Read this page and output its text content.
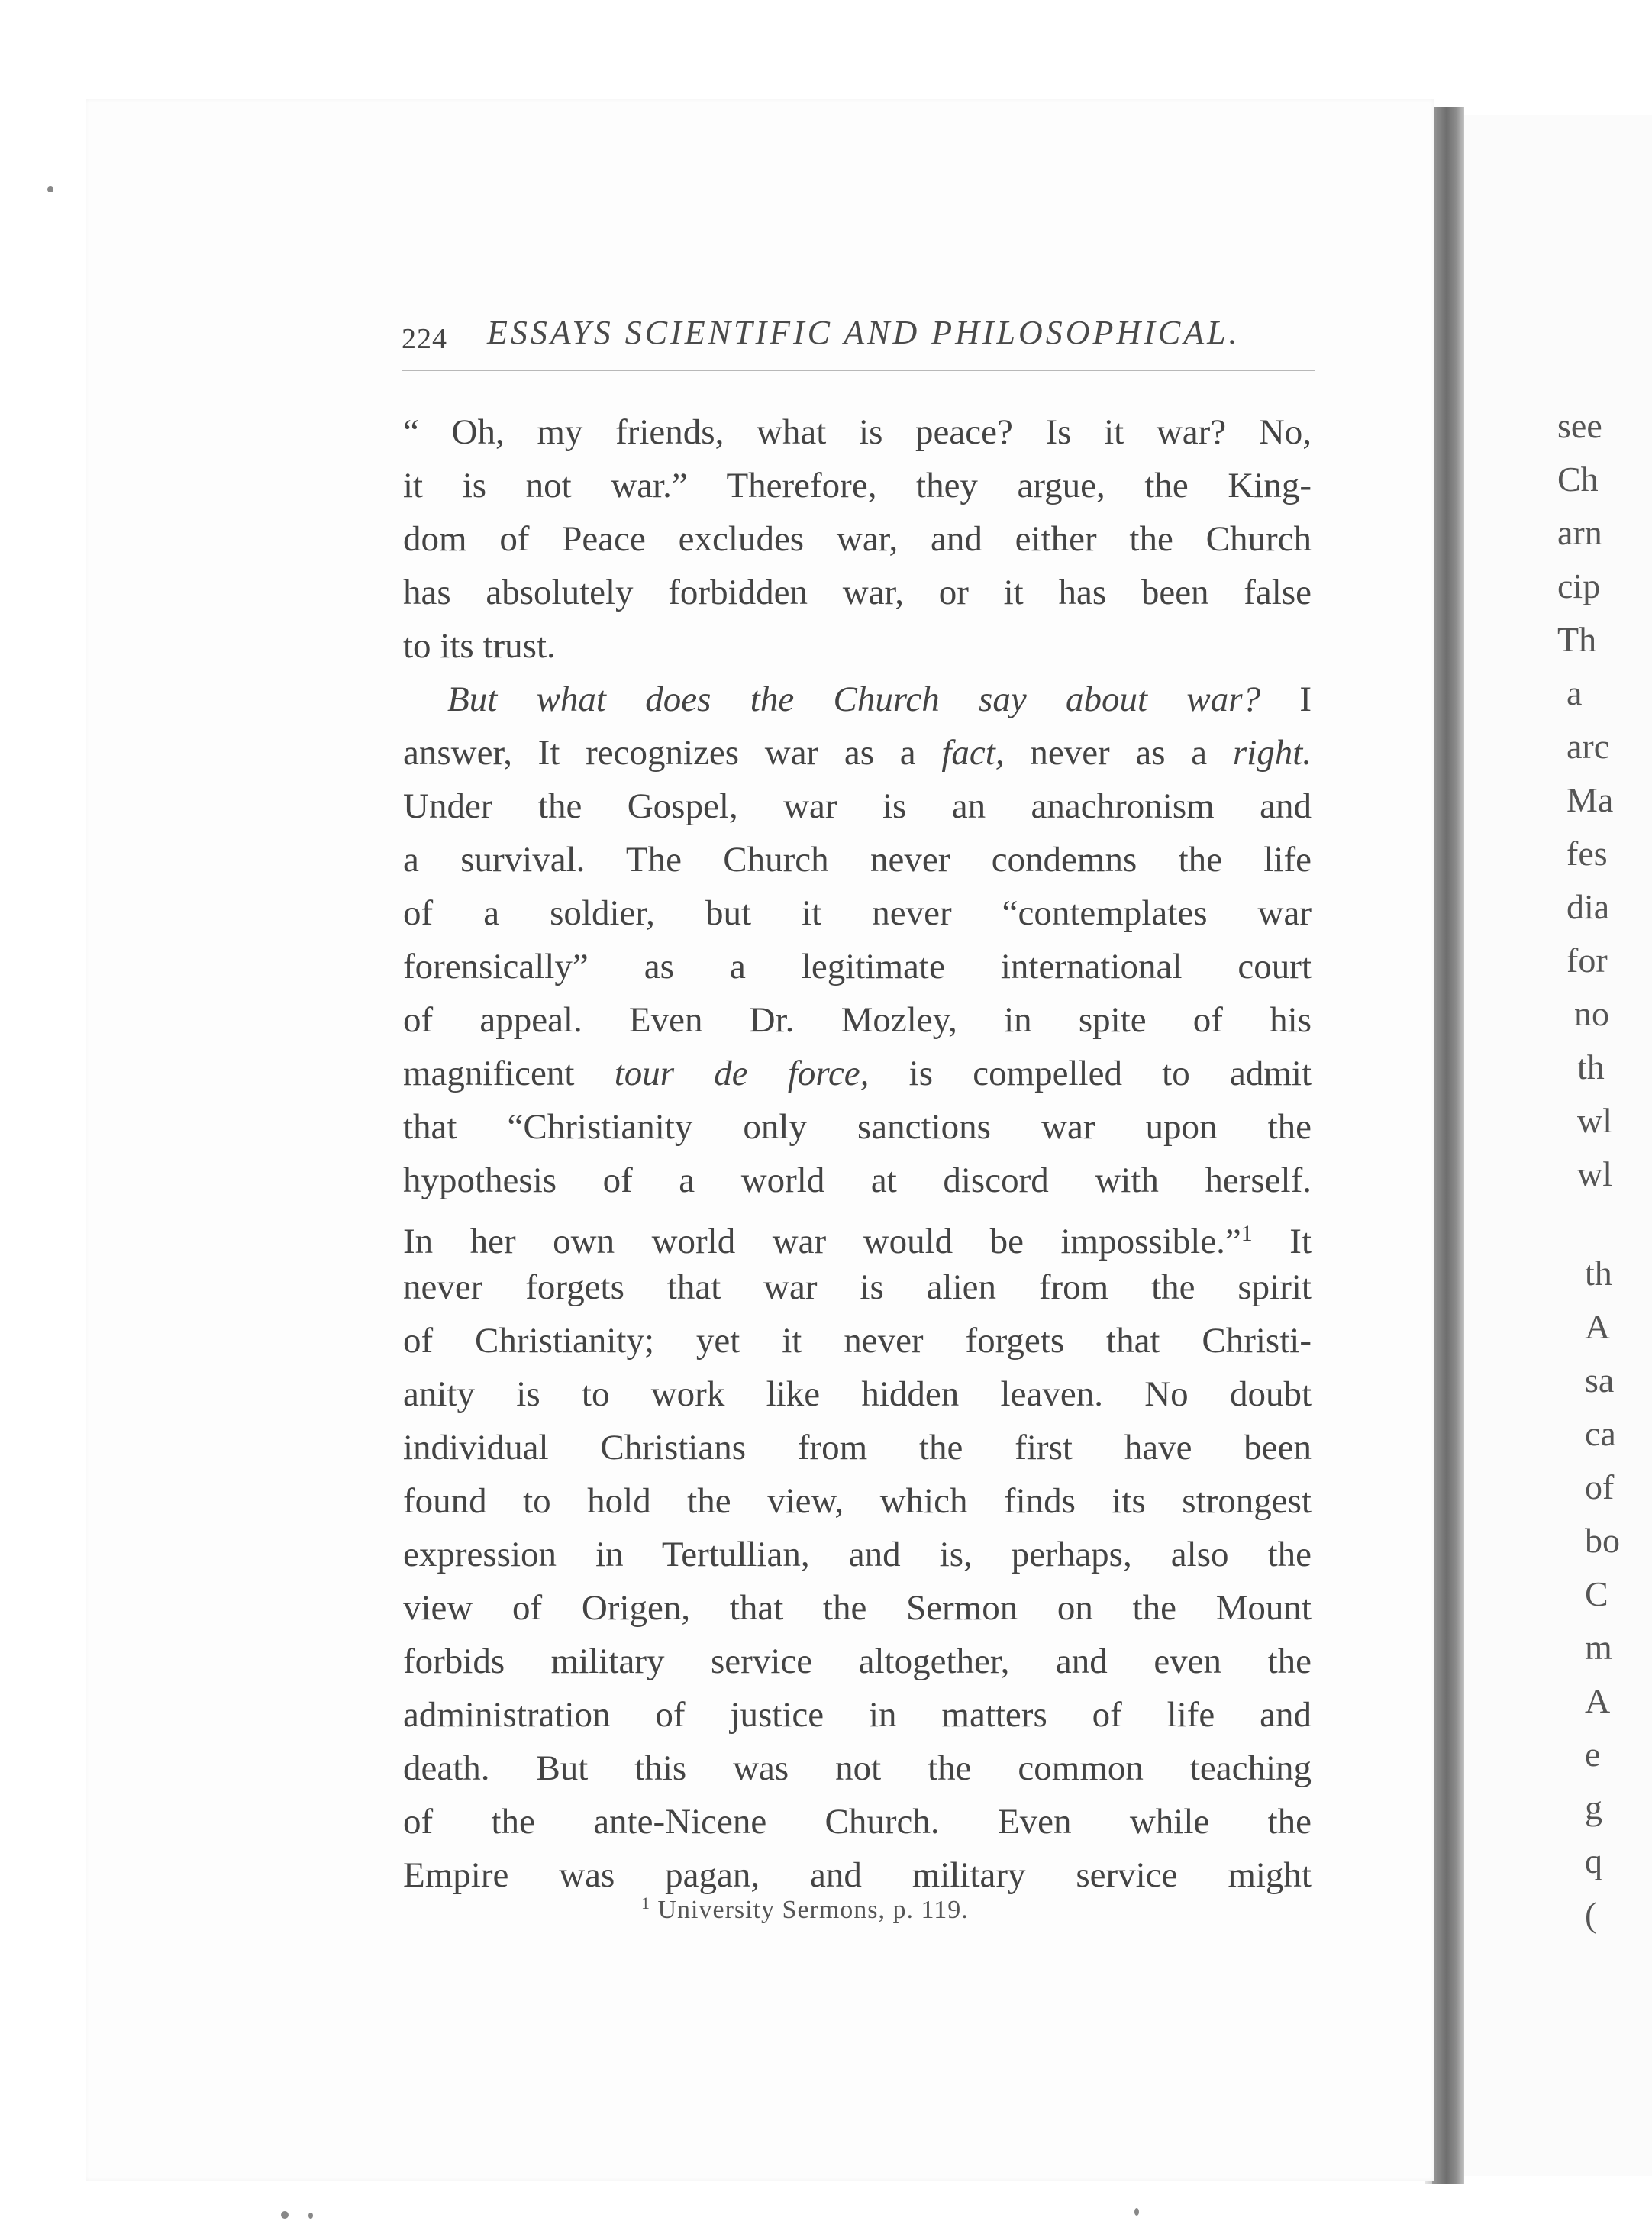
224 ESSAYS SCIENTIFIC AND PHILOSOPHICAL.
“ Oh, my friends, what is peace? Is it war? No,
it is not war.” Therefore, they argue, the King-
dom of Peace excludes war, and either the Church
has absolutely forbidden war, or it has been false
to its trust.
But what does the Church say about war? I
answer, It recognizes war as a fact, never as a right.
Under the Gospel, war is an anachronism and
a survival. The Church never condemns the life
of a soldier, but it never “contemplates war
forensically” as a legitimate international court
of appeal. Even Dr. Mozley, in spite of his
magnificent tour de force, is compelled to admit
that “Christianity only sanctions war upon the
hypothesis of a world at discord with herself.
In her own world war would be impossible.”$^1$ It
never forgets that war is alien from the spirit
of Christianity; yet it never forgets that Christi-
anity is to work like hidden leaven. No doubt
individual Christians from the first have been
found to hold the view, which finds its strongest
expression in Tertullian, and is, perhaps, also the
view of Origen, that the Sermon on the Mount
forbids military service altogether, and even the
administration of justice in matters of life and
death. But this was not the common teaching
of the ante-Nicene Church. Even while the
Empire was pagan, and military service might
$^1$ University Sermons, p. 119.
see
Ch
arn
cip
Th
a
arc
Ma
fes
dia
for
no
th
wl
wl
th
A
sa
ca
of
bo
C
m
A
e
g
q
(
